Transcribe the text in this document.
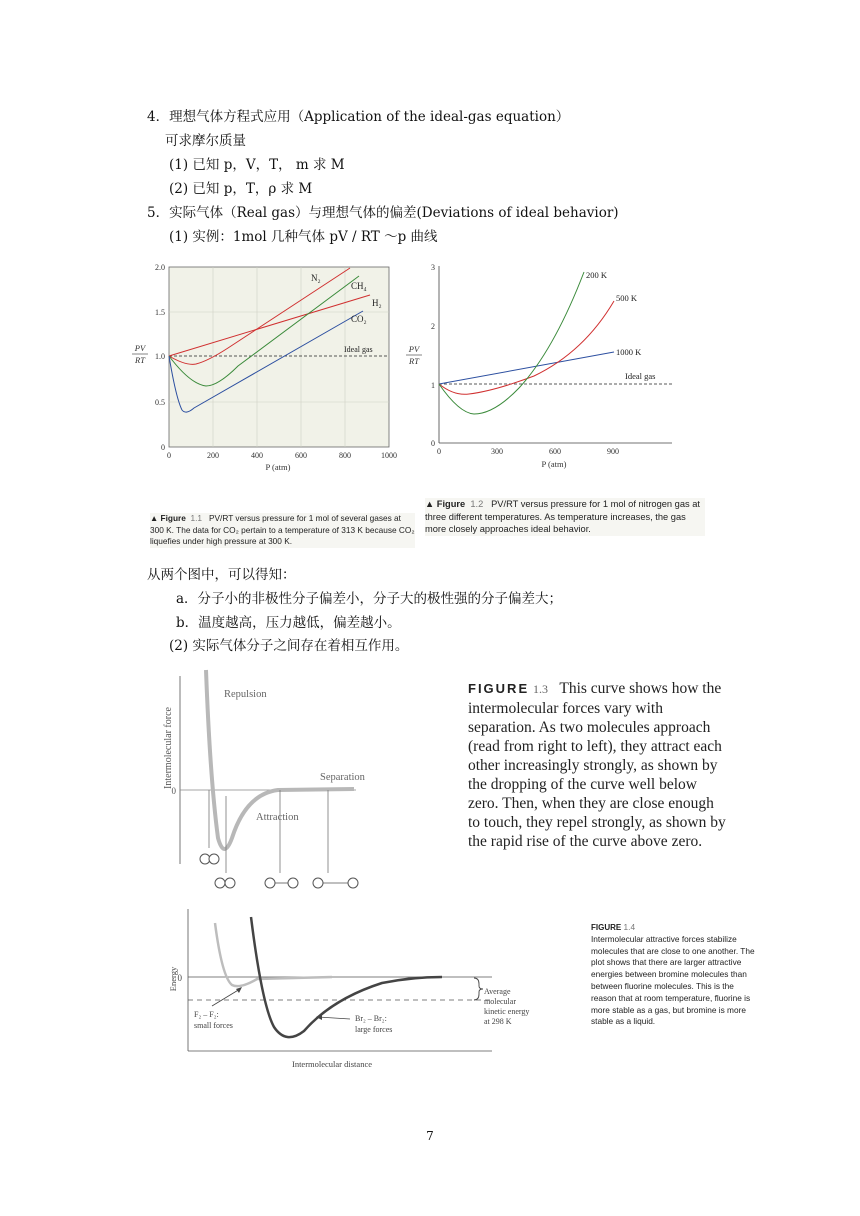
4．理想气体方程式应用（Application of the ideal-gas equation）
可求摩尔质量
(1) 已知 p，V，T， m 求 M
(2) 已知 p，T，ρ 求 M
5．实际气体（Real gas）与理想气体的偏差(Deviations of ideal behavior)
(1) 实例：1mol 几种气体 pV / RT ～p 曲线
2.0
1.5
1.0
0.5
0
0	200	400	600	800	1000
P (atm)
PV
RT
N₂
CH₄
H₂
CO₂
Ideal gas
3
2
1
0
0	300	600	900
P (atm)
PV
RT
200 K
500 K
1000 K
Ideal gas
▲ Figure 1.1 PV/RT versus pressure for 1 mol of several gases at 300 K. The data for CO₂ pertain to a temperature of 313 K because CO₂ liquefies under high pressure at 300 K.
▲ Figure 1.2 PV/RT versus pressure for 1 mol of nitrogen gas at three different temperatures. As temperature increases, the gas more closely approaches ideal behavior.
从两个图中，可以得知：
a．分子小的非极性分子偏差小，分子大的极性强的分子偏差大；
b．温度越高，压力越低，偏差越小。
(2) 实际气体分子之间存在着相互作用。
0
Intermolecular force
Repulsion
Separation
Attraction
FIGURE 1.3 This curve shows how the intermolecular forces vary with separation. As two molecules approach (read from right to left), they attract each other increasingly strongly, as shown by the dropping of the curve well below zero. Then, when they are close enough to touch, they repel strongly, as shown by the rapid rise of the curve above zero.
0
Energy
Intermolecular distance
F₂ – F₂:
small forces
Br₂ – Br₂:
large forces
Average
molecular
kinetic energy
at 298 K
FIGURE 1.4
Intermolecular attractive forces stabilize molecules that are close to one another. The plot shows that there are larger attractive energies between bromine molecules than between fluorine molecules. This is the reason that at room temperature, fluorine is more stable as a gas, but bromine is more stable as a liquid.
7
